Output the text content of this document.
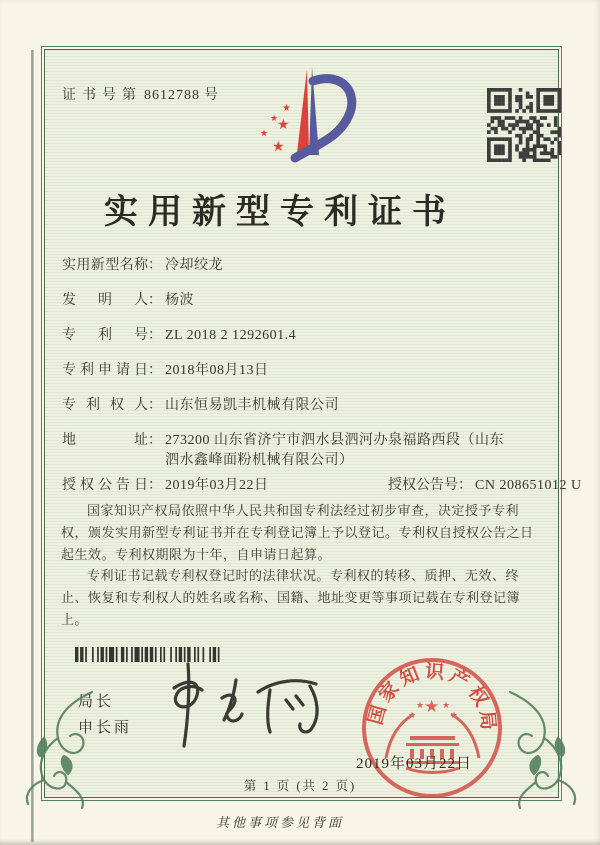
证书号第 8612788 号
★
★
★
★
★
实用新型专利证书
实用新型名称： 冷却绞龙
发明人： 杨波
专利号： ZL 2018 2 1292601.4
专利申请日： 2018年08月13日
专利权人： 山东恒易凯丰机械有限公司
地址： 273200 山东省济宁市泗水县泗河办泉福路西段（山东泗水鑫峰面粉机械有限公司）
授权公告日： 2019年03月22日	授权公告号： CN 208651012 U

国家知识产权局依照中华人民共和国专利法经过初步审查，决定授予专利权，颁发实用新型专利证书并在专利登记簿上予以登记。专利权自授权公告之日起生效。专利权期限为十年，自申请日起算。

专利证书记载专利权登记时的法律状况。专利权的转移、质押、无效、终止、恢复和专利权人的姓名或名称、国籍、地址变更等事项记载在专利登记簿上。

局长
申长雨
国家知识产权局
★
★
★ ★
★
2019年03月22日
第 1 页 (共 2 页)
其他事项参见背面
